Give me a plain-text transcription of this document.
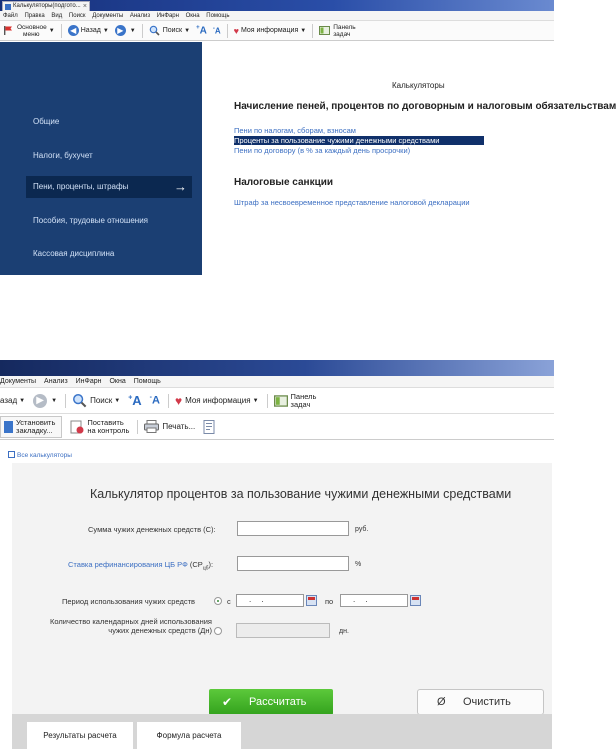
Калькуляторы(подгото... ×
Файл Правка Вид Поиск Документы Анализ ИнФарн Окна Помощь
Основное
меню	▼	◀ Назад ▼	▶	▼	Поиск ▼ +A -A ♥ Моя информация ▼	Панель
задач
Общие
Налоги, бухучет
Пени, проценты, штрафы	→
Пособия, трудовые отношения
Кассовая дисциплина
Калькуляторы
Начисление пеней, процентов по договорным и налоговым обязательствам
Пени по налогам, сборам, взносам
Проценты за пользование чужими денежными средствами
Пени по договору (в % за каждый день просрочки)
Налоговые санкции
Штраф за несвоевременное представление налоговой декларации
Документы Анализ ИнФарн Окна Помощь
азад ▼	▶	▼	Поиск ▼ +A -A ♥ Моя информация ▼	Панель
задач
Установить
закладку...
Поставить
на контроль	Печать...
Все калькуляторы
Калькулятор процентов за пользование чужими денежными средствами
Сумма чужих денежных средств (С):	руб.
Ставка рефинансирования ЦБ РФ $(СР_{цб})$:	%
Период использования чужих средств	с	. .	по	. .
Количество календарных дней использования
чужих денежных средств (Дн)	дн.
✔ Рассчитать	Ø Очистить
Результаты расчета	Формула расчета
